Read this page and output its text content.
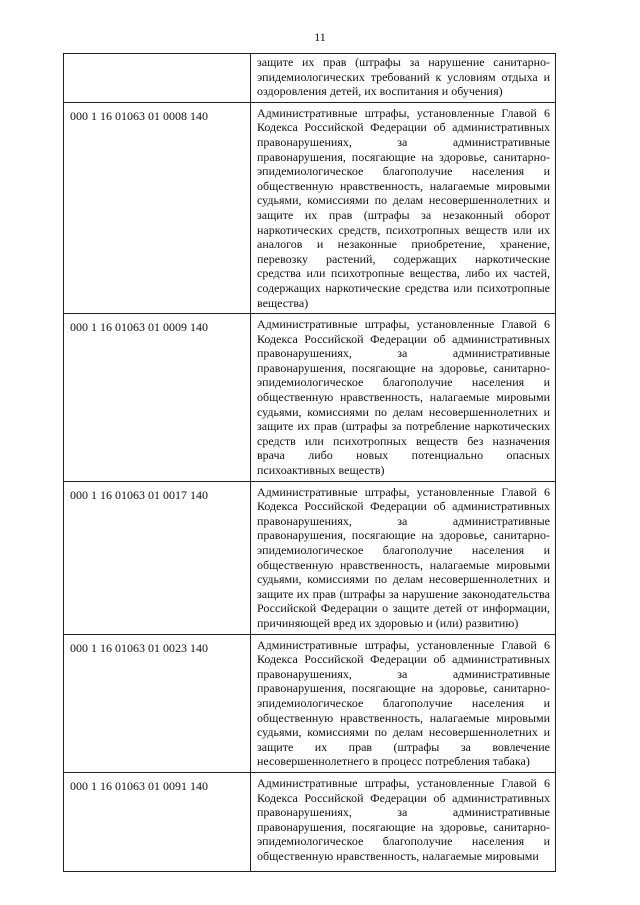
11
	защите их прав (штрафы за нарушение санитарно-эпидемиологических требований к условиям отдыха и оздоровления детей, их воспитания и обучения)
000 1 16 01063 01 0008 140	Административные штрафы, установленные Главой 6 Кодекса Российской Федерации об административных правонарушениях, за административные правонарушения, посягающие на здоровье, санитарно-эпидемиологическое благополучие населения и общественную нравственность, налагаемые мировыми судьями, комиссиями по делам несовершеннолетних и защите их прав (штрафы за незаконный оборот наркотических средств, психотропных веществ или их аналогов и незаконные приобретение, хранение, перевозку растений, содержащих наркотические средства или психотропные вещества, либо их частей, содержащих наркотические средства или психотропные вещества)
000 1 16 01063 01 0009 140	Административные штрафы, установленные Главой 6 Кодекса Российской Федерации об административных правонарушениях, за административные правонарушения, посягающие на здоровье, санитарно-эпидемиологическое благополучие населения и общественную нравственность, налагаемые мировыми судьями, комиссиями по делам несовершеннолетних и защите их прав (штрафы за потребление наркотических средств или психотропных веществ без назначения врача либо новых потенциально опасных психоактивных веществ)
000 1 16 01063 01 0017 140	Административные штрафы, установленные Главой 6 Кодекса Российской Федерации об административных правонарушениях, за административные правонарушения, посягающие на здоровье, санитарно-эпидемиологическое благополучие населения и общественную нравственность, налагаемые мировыми судьями, комиссиями по делам несовершеннолетних и защите их прав (штрафы за нарушение законодательства Российской Федерации о защите детей от информации, причиняющей вред их здоровью и (или) развитию)
000 1 16 01063 01 0023 140	Административные штрафы, установленные Главой 6 Кодекса Российской Федерации об административных правонарушениях, за административные правонарушения, посягающие на здоровье, санитарно-эпидемиологическое благополучие населения и общественную нравственность, налагаемые мировыми судьями, комиссиями по делам несовершеннолетних и защите их прав (штрафы за вовлечение несовершеннолетнего в процесс потребления табака)
000 1 16 01063 01 0091 140	Административные штрафы, установленные Главой 6 Кодекса Российской Федерации об административных правонарушениях, за административные правонарушения, посягающие на здоровье, санитарно-эпидемиологическое благополучие населения и общественную нравственность, налагаемые мировыми
